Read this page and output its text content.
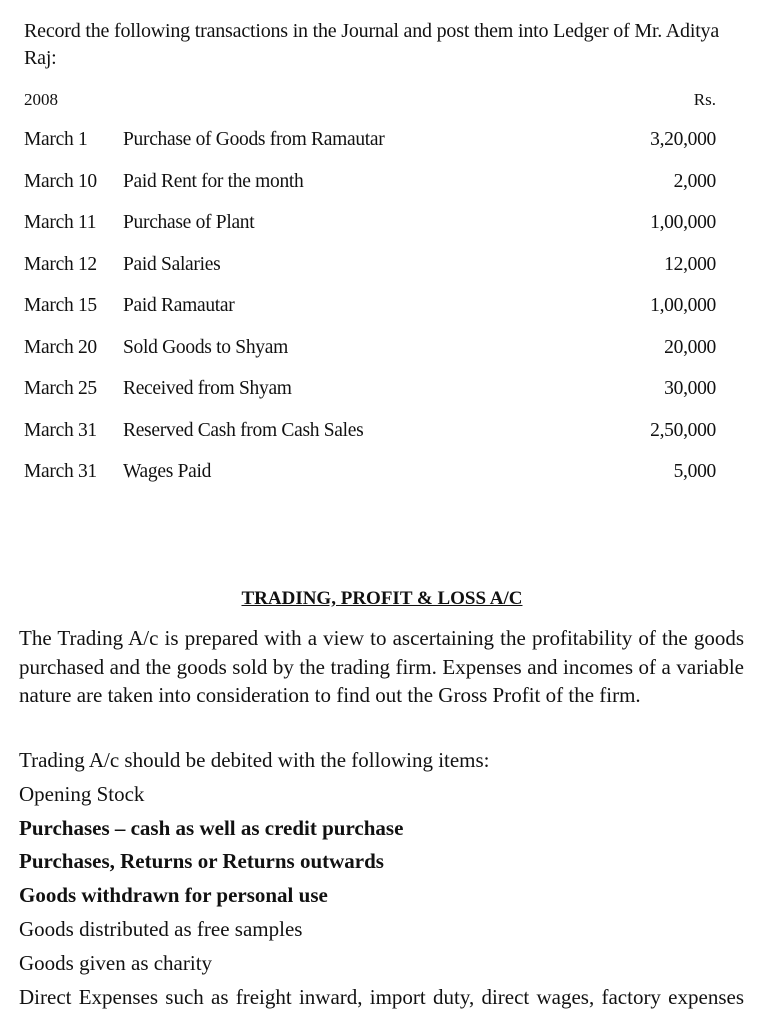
Record the following transactions in the Journal and post them into Ledger of Mr. Aditya Raj:
2008	Rs.
March 1	Purchase of Goods from Ramautar	3,20,000
March 10	Paid Rent for the month	2,000
March 11	Purchase of Plant	1,00,000
March 12	Paid Salaries	12,000
March 15	Paid Ramautar	1,00,000
March 20	Sold Goods to Shyam	20,000
March 25	Received from Shyam	30,000
March 31	Reserved Cash from Cash Sales	2,50,000
March 31	Wages Paid	5,000
TRADING, PROFIT & LOSS A/C
The Trading A/c is prepared with a view to ascertaining the profitability of the goods purchased and the goods sold by the trading firm. Expenses and incomes of a variable nature are taken into consideration to find out the Gross Profit of the firm.
Trading A/c should be debited with the following items:
Opening Stock
Purchases – cash as well as credit purchase
Purchases, Returns or Returns outwards
Goods withdrawn for personal use
Goods distributed as free samples
Goods given as charity
Direct Expenses such as freight inward, import duty, direct wages, factory expenses
